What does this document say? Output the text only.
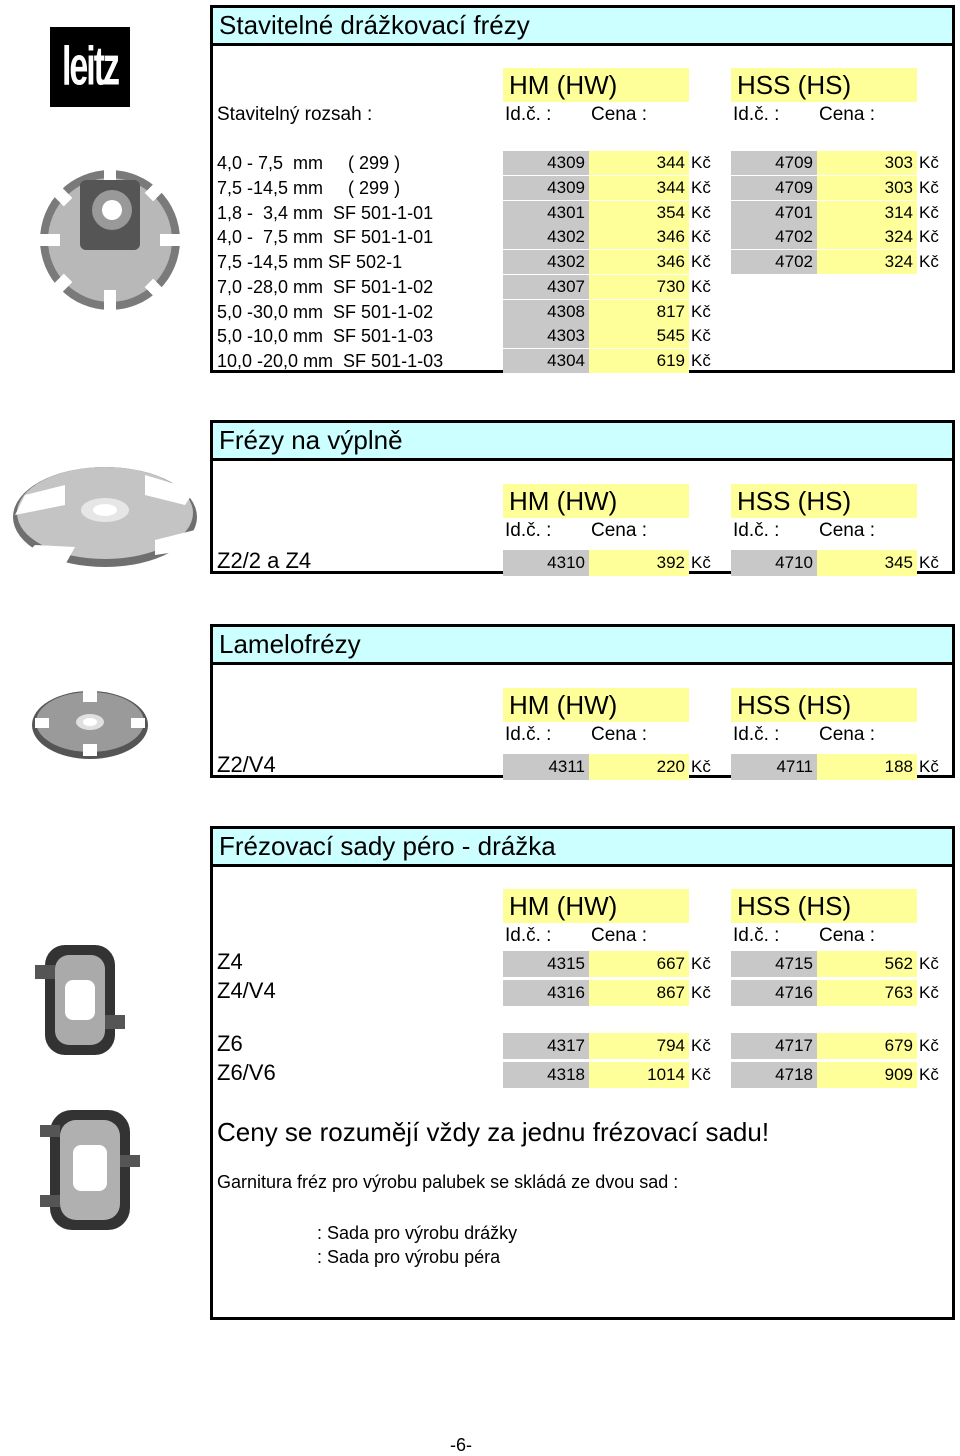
leitz
Stavitelné drážkovací frézy
HM (HW)	HSS (HS)
Stavitelný rozsah :	Id.č. : Cena :	Id.č. : Cena :
4,0 - 7,5  mm     ( 299 )	4309	344 Kč	4709	303 Kč
7,5 -14,5 mm     ( 299 )	4309	344 Kč	4709	303 Kč
1,8 -  3,4 mm  SF 501-1-01	4301	354 Kč	4701	314 Kč
4,0 -  7,5 mm  SF 501-1-01	4302	346 Kč	4702	324 Kč
7,5 -14,5 mm SF 502-1	4302	346 Kč	4702	324 Kč
7,0 -28,0 mm  SF 501-1-02	4307	730 Kč
5,0 -30,0 mm  SF 501-1-02	4308	817 Kč
5,0 -10,0 mm  SF 501-1-03	4303	545 Kč
10,0 -20,0 mm  SF 501-1-03	4304	619 Kč
Frézy na výplně
HM (HW)	HSS (HS)
Id.č. : Cena :	Id.č. : Cena :
Z2/2 a Z4	4310	392 Kč	4710	345 Kč
Lamelofrézy
HM (HW)	HSS (HS)
Id.č. : Cena :	Id.č. : Cena :
Z2/V4	4311	220 Kč	4711	188 Kč
Frézovací sady péro - drážka
HM (HW)	HSS (HS)
Id.č. : Cena :	Id.č. : Cena :
Z4	4315	667 Kč	4715	562 Kč
Z4/V4	4316	867 Kč	4716	763 Kč
Z6	4317	794 Kč	4717	679 Kč
Z6/V6	4318	1014 Kč	4718	909 Kč
Ceny se rozumějí vždy za jednu frézovací sadu!
Garnitura fréz pro výrobu palubek se skládá ze dvou sad :
: Sada pro výrobu drážky
: Sada pro výrobu péra
-6-
